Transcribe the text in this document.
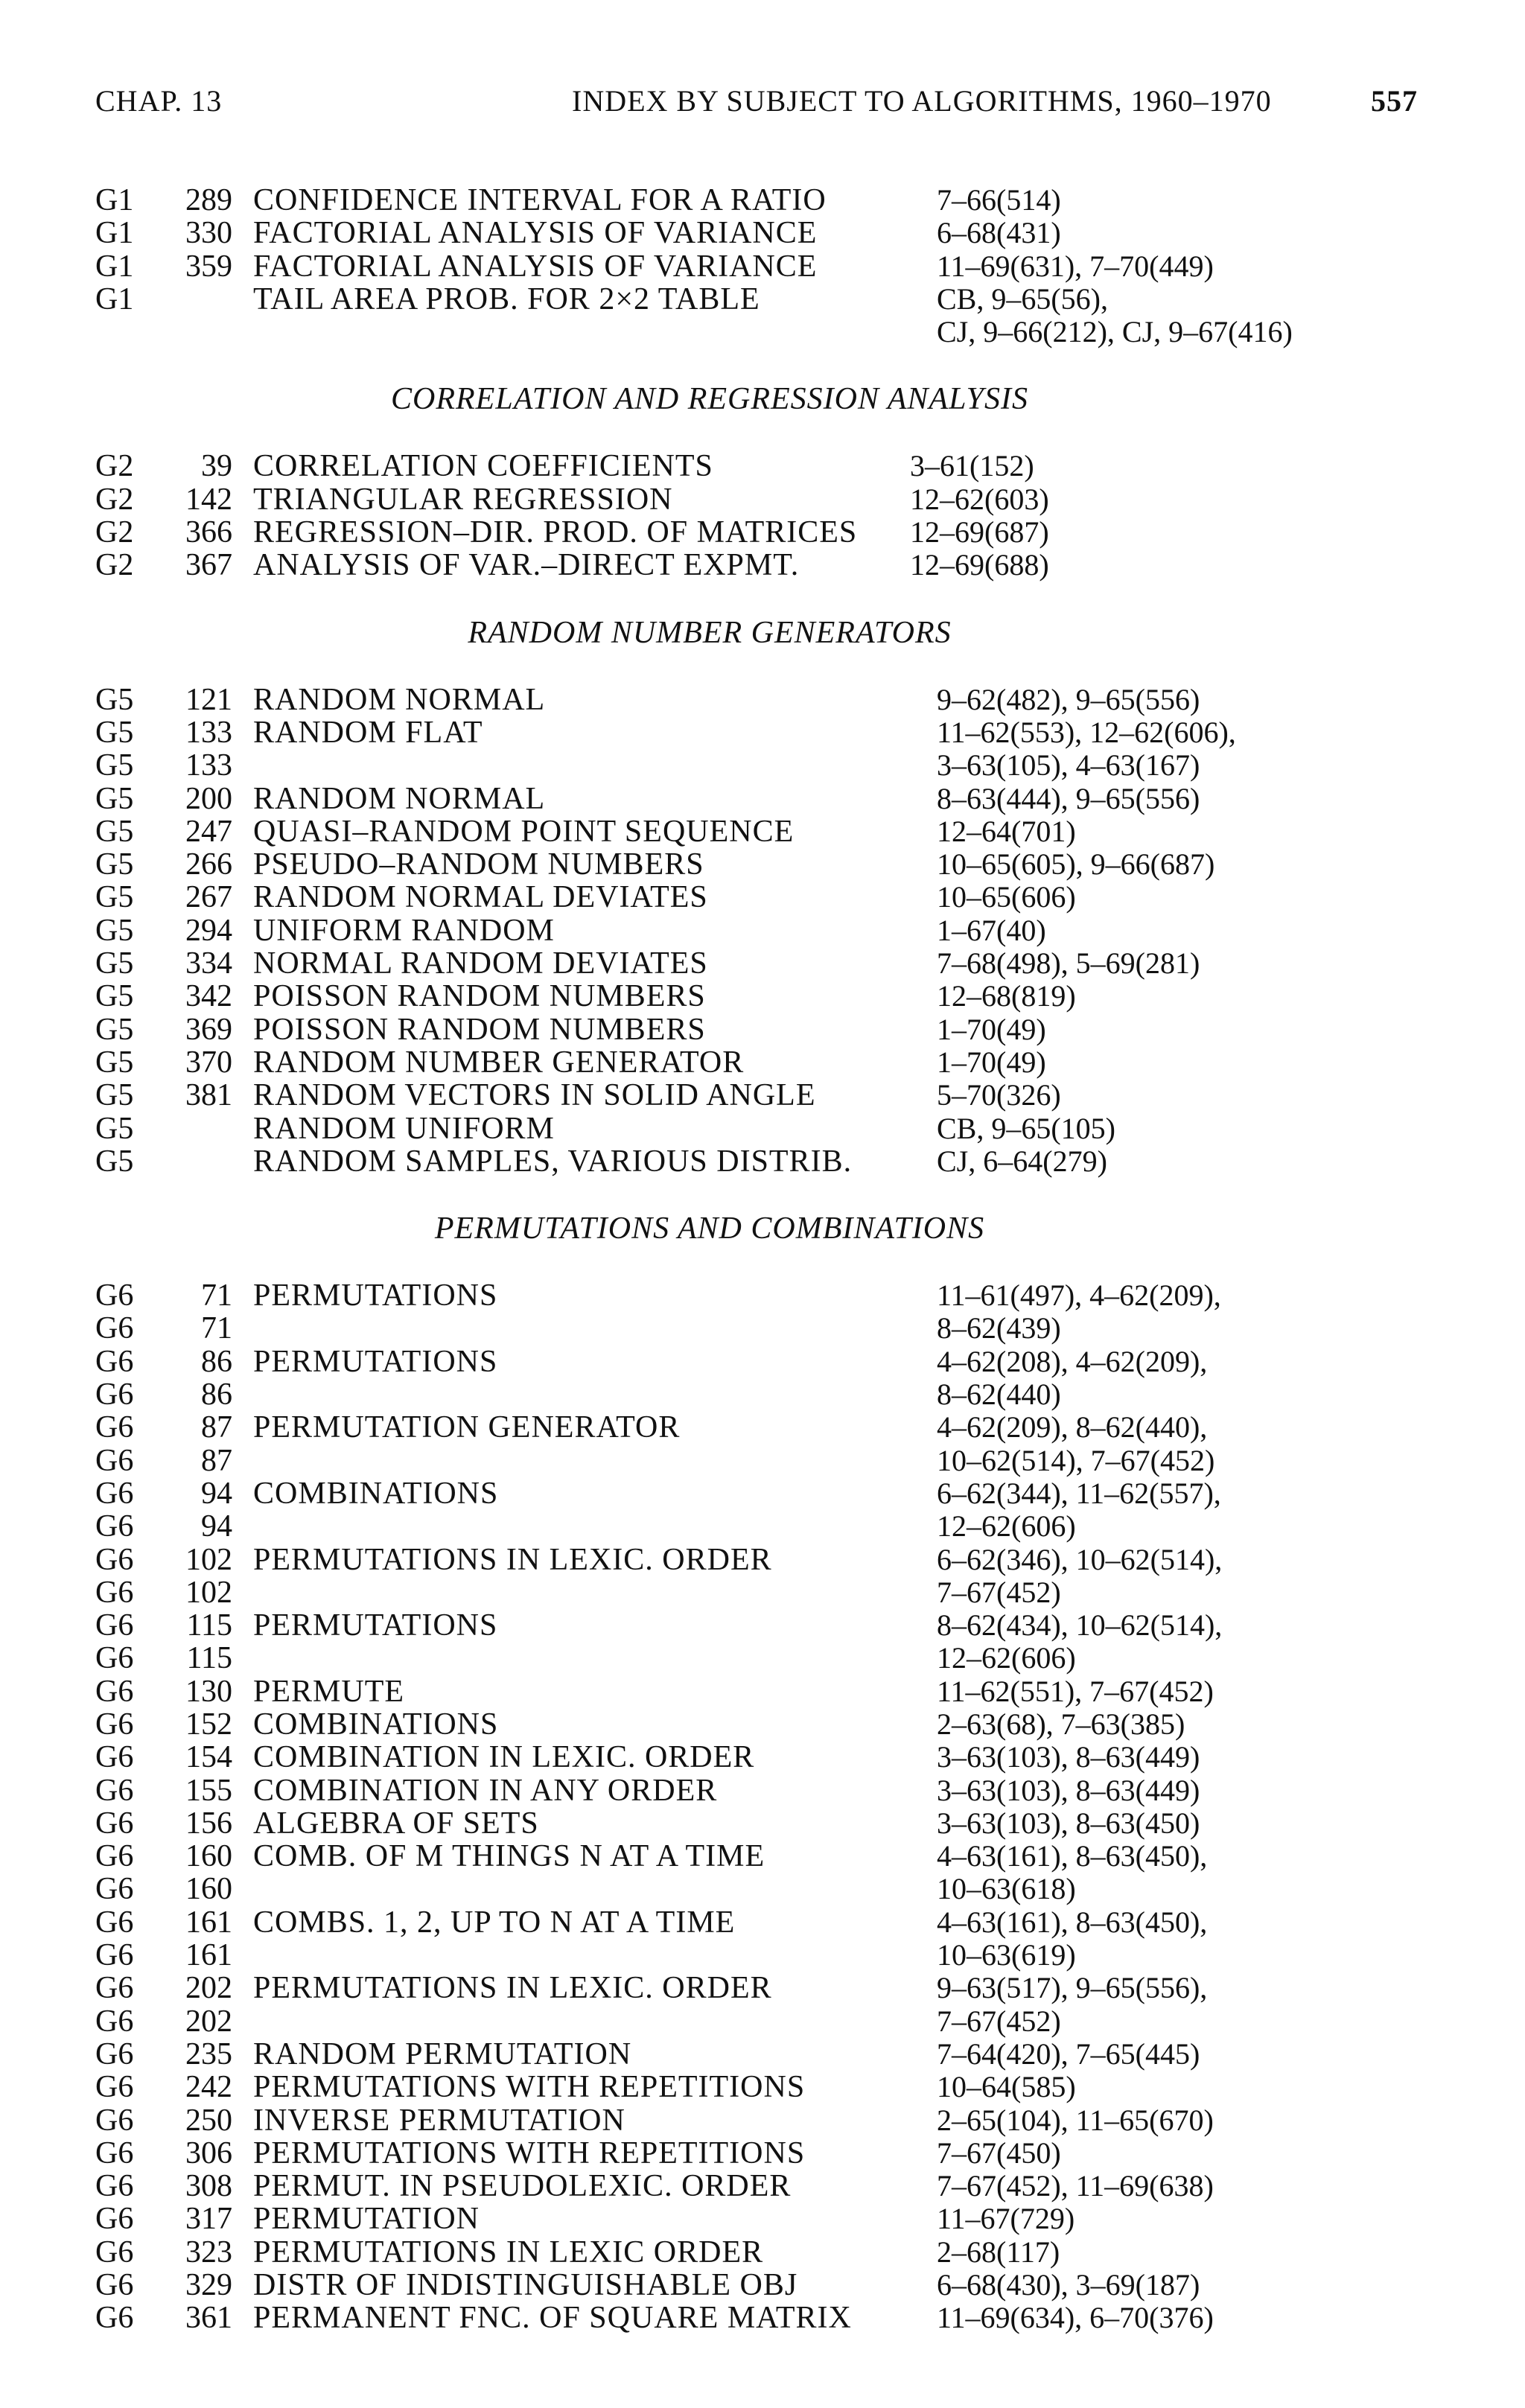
CHAP. 13	INDEX BY SUBJECT TO ALGORITHMS, 1960–1970	557
G1	289 CONFIDENCE INTERVAL FOR A RATIO	7–66(514)
G1	330 FACTORIAL ANALYSIS OF VARIANCE	6–68(431)
G1	359 FACTORIAL ANALYSIS OF VARIANCE	11–69(631), 7–70(449)
G1	TAIL AREA PROB. FOR 2×2 TABLE	CB, 9–65(56),
CJ, 9–66(212), CJ, 9–67(416)
CORRELATION AND REGRESSION ANALYSIS
G2	39 CORRELATION COEFFICIENTS	3–61(152)
G2	142 TRIANGULAR REGRESSION	12–62(603)
G2	366 REGRESSION–DIR. PROD. OF MATRICES 12–69(687)
G2	367 ANALYSIS OF VAR.–DIRECT EXPMT.	12–69(688)
RANDOM NUMBER GENERATORS
G5	121 RANDOM NORMAL	9–62(482), 9–65(556)
G5	133 RANDOM FLAT	11–62(553), 12–62(606),
G5	133	3–63(105), 4–63(167)
G5	200 RANDOM NORMAL	8–63(444), 9–65(556)
G5	247 QUASI–RANDOM POINT SEQUENCE	12–64(701)
G5	266 PSEUDO–RANDOM NUMBERS	10–65(605), 9–66(687)
G5	267 RANDOM NORMAL DEVIATES	10–65(606)
G5	294 UNIFORM RANDOM	1–67(40)
G5	334 NORMAL RANDOM DEVIATES	7–68(498), 5–69(281)
G5	342 POISSON RANDOM NUMBERS	12–68(819)
G5	369 POISSON RANDOM NUMBERS	1–70(49)
G5	370 RANDOM NUMBER GENERATOR	1–70(49)
G5	381 RANDOM VECTORS IN SOLID ANGLE	5–70(326)
G5	RANDOM UNIFORM	CB, 9–65(105)
G5	RANDOM SAMPLES, VARIOUS DISTRIB.	CJ, 6–64(279)
PERMUTATIONS AND COMBINATIONS
G6	71 PERMUTATIONS	11–61(497), 4–62(209),
G6	71	8–62(439)
G6	86 PERMUTATIONS	4–62(208), 4–62(209),
G6	86	8–62(440)
G6	87 PERMUTATION GENERATOR	4–62(209), 8–62(440),
G6	87	10–62(514), 7–67(452)
G6	94 COMBINATIONS	6–62(344), 11–62(557),
G6	94	12–62(606)
G6	102 PERMUTATIONS IN LEXIC. ORDER	6–62(346), 10–62(514),
G6	102	7–67(452)
G6	115 PERMUTATIONS	8–62(434), 10–62(514),
G6	115	12–62(606)
G6	130 PERMUTE	11–62(551), 7–67(452)
G6	152 COMBINATIONS	2–63(68), 7–63(385)
G6	154 COMBINATION IN LEXIC. ORDER	3–63(103), 8–63(449)
G6	155 COMBINATION IN ANY ORDER	3–63(103), 8–63(449)
G6	156 ALGEBRA OF SETS	3–63(103), 8–63(450)
G6	160 COMB. OF M THINGS N AT A TIME	4–63(161), 8–63(450),
G6	160	10–63(618)
G6	161 COMBS. 1, 2, UP TO N AT A TIME	4–63(161), 8–63(450),
G6	161	10–63(619)
G6	202 PERMUTATIONS IN LEXIC. ORDER	9–63(517), 9–65(556),
G6	202	7–67(452)
G6	235 RANDOM PERMUTATION	7–64(420), 7–65(445)
G6	242 PERMUTATIONS WITH REPETITIONS	10–64(585)
G6	250 INVERSE PERMUTATION	2–65(104), 11–65(670)
G6	306 PERMUTATIONS WITH REPETITIONS	7–67(450)
G6	308 PERMUT. IN PSEUDOLEXIC. ORDER	7–67(452), 11–69(638)
G6	317 PERMUTATION	11–67(729)
G6	323 PERMUTATIONS IN LEXIC ORDER	2–68(117)
G6	329 DISTR OF INDISTINGUISHABLE OBJ	6–68(430), 3–69(187)
G6	361 PERMANENT FNC. OF SQUARE MATRIX	11–69(634), 6–70(376)
